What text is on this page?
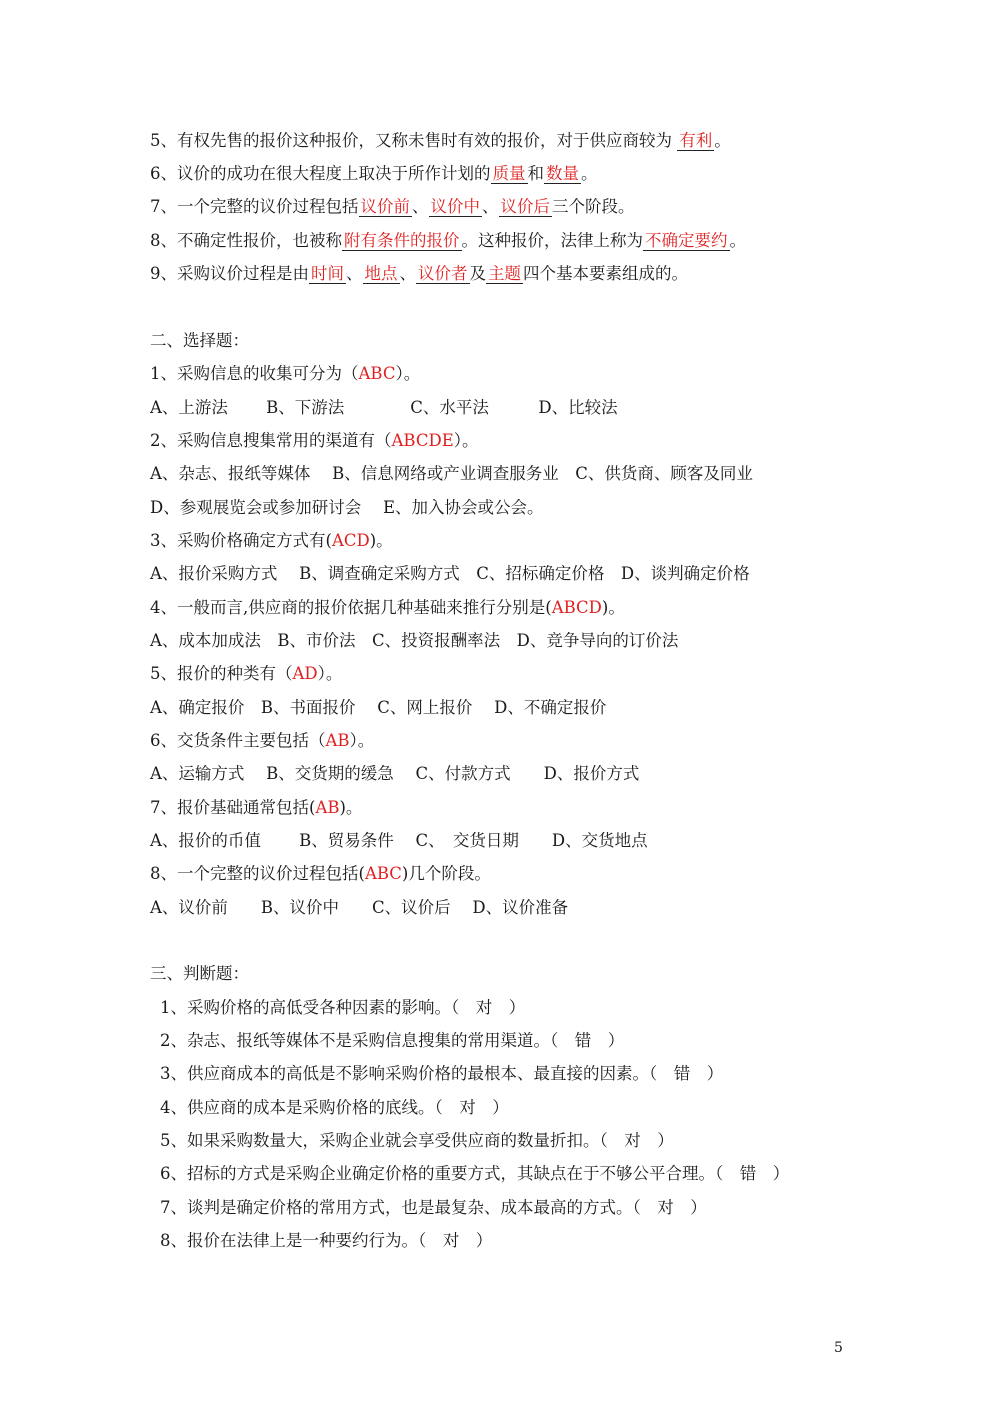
5、有权先售的报价这种报价，又称未售时有效的报价，对于供应商较为 有利 。
6、议价的成功在很大程度上取决于所作计划的 质量 和 数量 。
7、一个完整的议价过程包括 议价前 、 议价中 、 议价后 三个阶段。
8、不确定性报价，也被称 附有条件的报价 。这种报价，法律上称为 不确定要约 。
9、采购议价过程是由 时间 、 地点 、 议价者 及 主题 四个基本要素组成的。
二、选择题：
1、采购信息的收集可分为（ABC）。
A、上游法　　 B、下游法　　　　C、水平法　　　D、比较法
2、采购信息搜集常用的渠道有（ABCDE）。
A、杂志、报纸等媒体　 B、信息网络或产业调查服务业　C、供货商、顾客及同业
D、参观展览会或参加研讨会　 E、加入协会或公会。
3、采购价格确定方式有(ACD)。
A、报价采购方式　 B、调查确定采购方式　C、招标确定价格　D、谈判确定价格
4、一般而言,供应商的报价依据几种基础来推行分别是(ABCD)。
A、成本加成法　B、市价法　C、投资报酬率法　D、竞争导向的订价法
5、报价的种类有（AD）。
A、确定报价　B、书面报价　 C、网上报价　 D、不确定报价
6、交货条件主要包括（AB）。
A、运输方式　 B、交货期的缓急　 C、付款方式　　D、报价方式
7、报价基础通常包括(AB)。
A、报价的币值　　 B、贸易条件　 C、　交货日期　　D、交货地点
8、一个完整的议价过程包括(ABC)几个阶段。
A、议价前　　B、议价中　　C、议价后　 D、议价准备
三、判断题：
1、采购价格的高低受各种因素的影响。（　对　）
2、杂志、报纸等媒体不是采购信息搜集的常用渠道。（　错　）
3、供应商成本的高低是不影响采购价格的最根本、最直接的因素。（　错　）
4、供应商的成本是采购价格的底线。（　对　）
5、如果采购数量大，采购企业就会享受供应商的数量折扣。（　对　）
6、招标的方式是采购企业确定价格的重要方式，其缺点在于不够公平合理。（　错　）
7、谈判是确定价格的常用方式，也是最复杂、成本最高的方式。（　对　）
8、报价在法律上是一种要约行为。（　对　）
5
